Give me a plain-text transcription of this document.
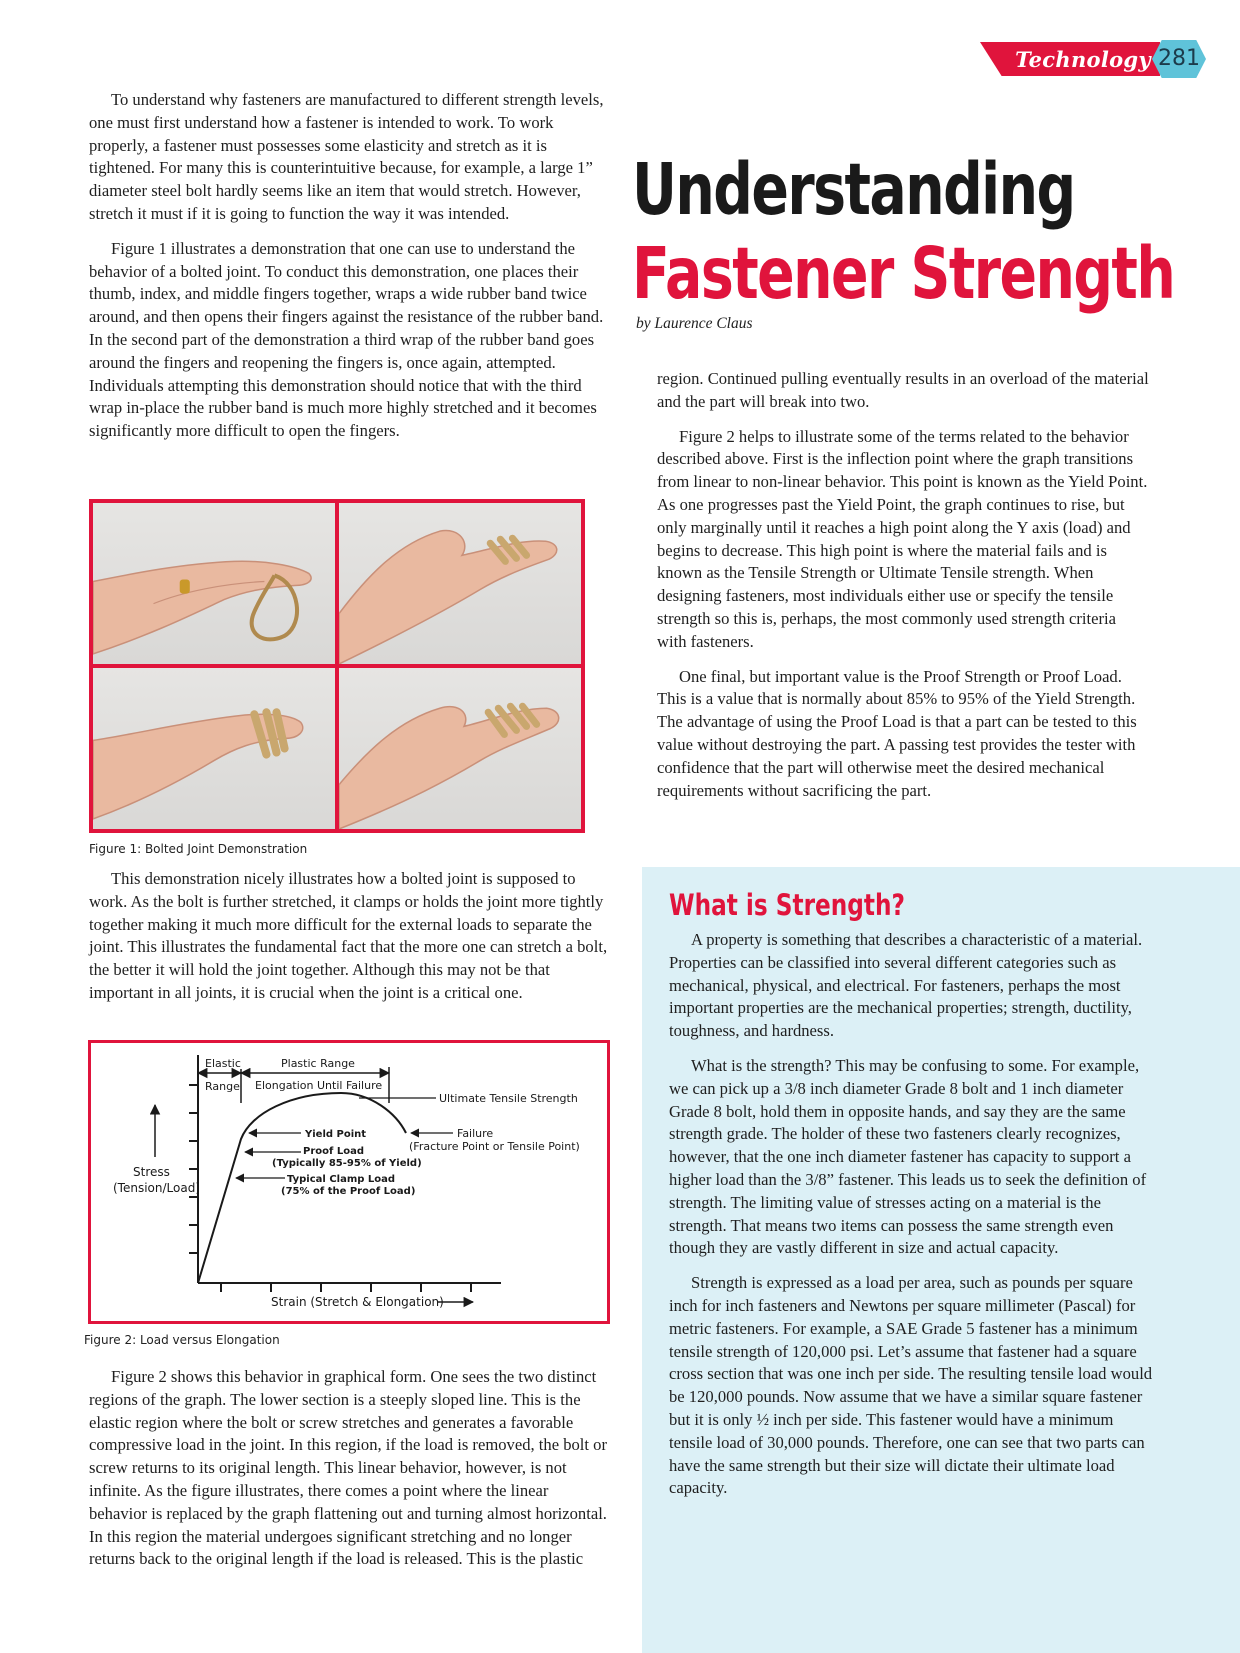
Technology 281
Understanding
Fastener Strength
by Laurence Claus

To understand why fasteners are manufactured to different strength levels, one must first understand how a fastener is intended to work. To work properly, a fastener must possesses some elasticity and stretch as it is tightened. For many this is counterintuitive because, for example, a large 1” diameter steel bolt hardly seems like an item that would stretch. However, stretch it must if it is going to function the way it was intended.

Figure 1 illustrates a demonstration that one can use to understand the behavior of a bolted joint. To conduct this demonstration, one places their thumb, index, and middle fingers together, wraps a wide rubber band twice around, and then opens their fingers against the resistance of the rubber band. In the second part of the demonstration a third wrap of the rubber band goes around the fingers and reopening the fingers is, once again, attempted. Individuals attempting this demonstration should notice that with the third wrap in-place the rubber band is much more highly stretched and it becomes significantly more difficult to open the fingers.

Figure 1: Bolted Joint Demonstration

This demonstration nicely illustrates how a bolted joint is supposed to work. As the bolt is further stretched, it clamps or holds the joint more tightly together making it much more difficult for the external loads to separate the joint. This illustrates the fundamental fact that the more one can stretch a bolt, the better it will hold the joint together. Although this may not be that important in all joints, it is crucial when the joint is a critical one.

Elastic
Range
Plastic Range
Elongation Until Failure
Ultimate Tensile Strength
Yield Point
Proof Load
(Typically 85-95% of Yield)
Typical Clamp Load
(75% of the Proof Load)
Failure
(Fracture Point or Tensile Point)
Stress
(Tension/Load)
Strain (Stretch & Elongation)
Figure 2: Load versus Elongation

Figure 2 shows this behavior in graphical form. One sees the two distinct regions of the graph. The lower section is a steeply sloped line. This is the elastic region where the bolt or screw stretches and generates a favorable compressive load in the joint. In this region, if the load is removed, the bolt or screw returns to its original length. This linear behavior, however, is not infinite. As the figure illustrates, there comes a point where the linear behavior is replaced by the graph flattening out and turning almost horizontal. In this region the material undergoes significant stretching and no longer returns back to the original length if the load is released. This is the plastic

region. Continued pulling eventually results in an overload of the material and the part will break into two.

Figure 2 helps to illustrate some of the terms related to the behavior described above. First is the inflection point where the graph transitions from linear to non-linear behavior. This point is known as the Yield Point. As one progresses past the Yield Point, the graph continues to rise, but only marginally until it reaches a high point along the Y axis (load) and begins to decrease. This high point is where the material fails and is known as the Tensile Strength or Ultimate Tensile strength. When designing fasteners, most individuals either use or specify the tensile strength so this is, perhaps, the most commonly used strength criteria with fasteners.

One final, but important value is the Proof Strength or Proof Load. This is a value that is normally about 85% to 95% of the Yield Strength. The advantage of using the Proof Load is that a part can be tested to this value without destroying the part. A passing test provides the tester with confidence that the part will otherwise meet the desired mechanical requirements without sacrificing the part.

What is Strength?

A property is something that describes a characteristic of a material. Properties can be classified into several different categories such as mechanical, physical, and electrical. For fasteners, perhaps the most important properties are the mechanical properties; strength, ductility, toughness, and hardness.

What is the strength? This may be confusing to some. For example, we can pick up a 3/8 inch diameter Grade 8 bolt and 1 inch diameter Grade 8 bolt, hold them in opposite hands, and say they are the same strength grade. The holder of these two fasteners clearly recognizes, however, that the one inch diameter fastener has capacity to support a higher load than the 3/8” fastener. This leads us to seek the definition of strength. The limiting value of stresses acting on a material is the strength. That means two items can possess the same strength even though they are vastly different in size and actual capacity.

Strength is expressed as a load per area, such as pounds per square inch for inch fasteners and Newtons per square millimeter (Pascal) for metric fasteners. For example, a SAE Grade 5 fastener has a minimum tensile strength of 120,000 psi. Let’s assume that fastener had a square cross section that was one inch per side. The resulting tensile load would be 120,000 pounds. Now assume that we have a similar square fastener but it is only ½ inch per side. This fastener would have a minimum tensile load of 30,000 pounds. Therefore, one can see that two parts can have the same strength but their size will dictate their ultimate load capacity.
